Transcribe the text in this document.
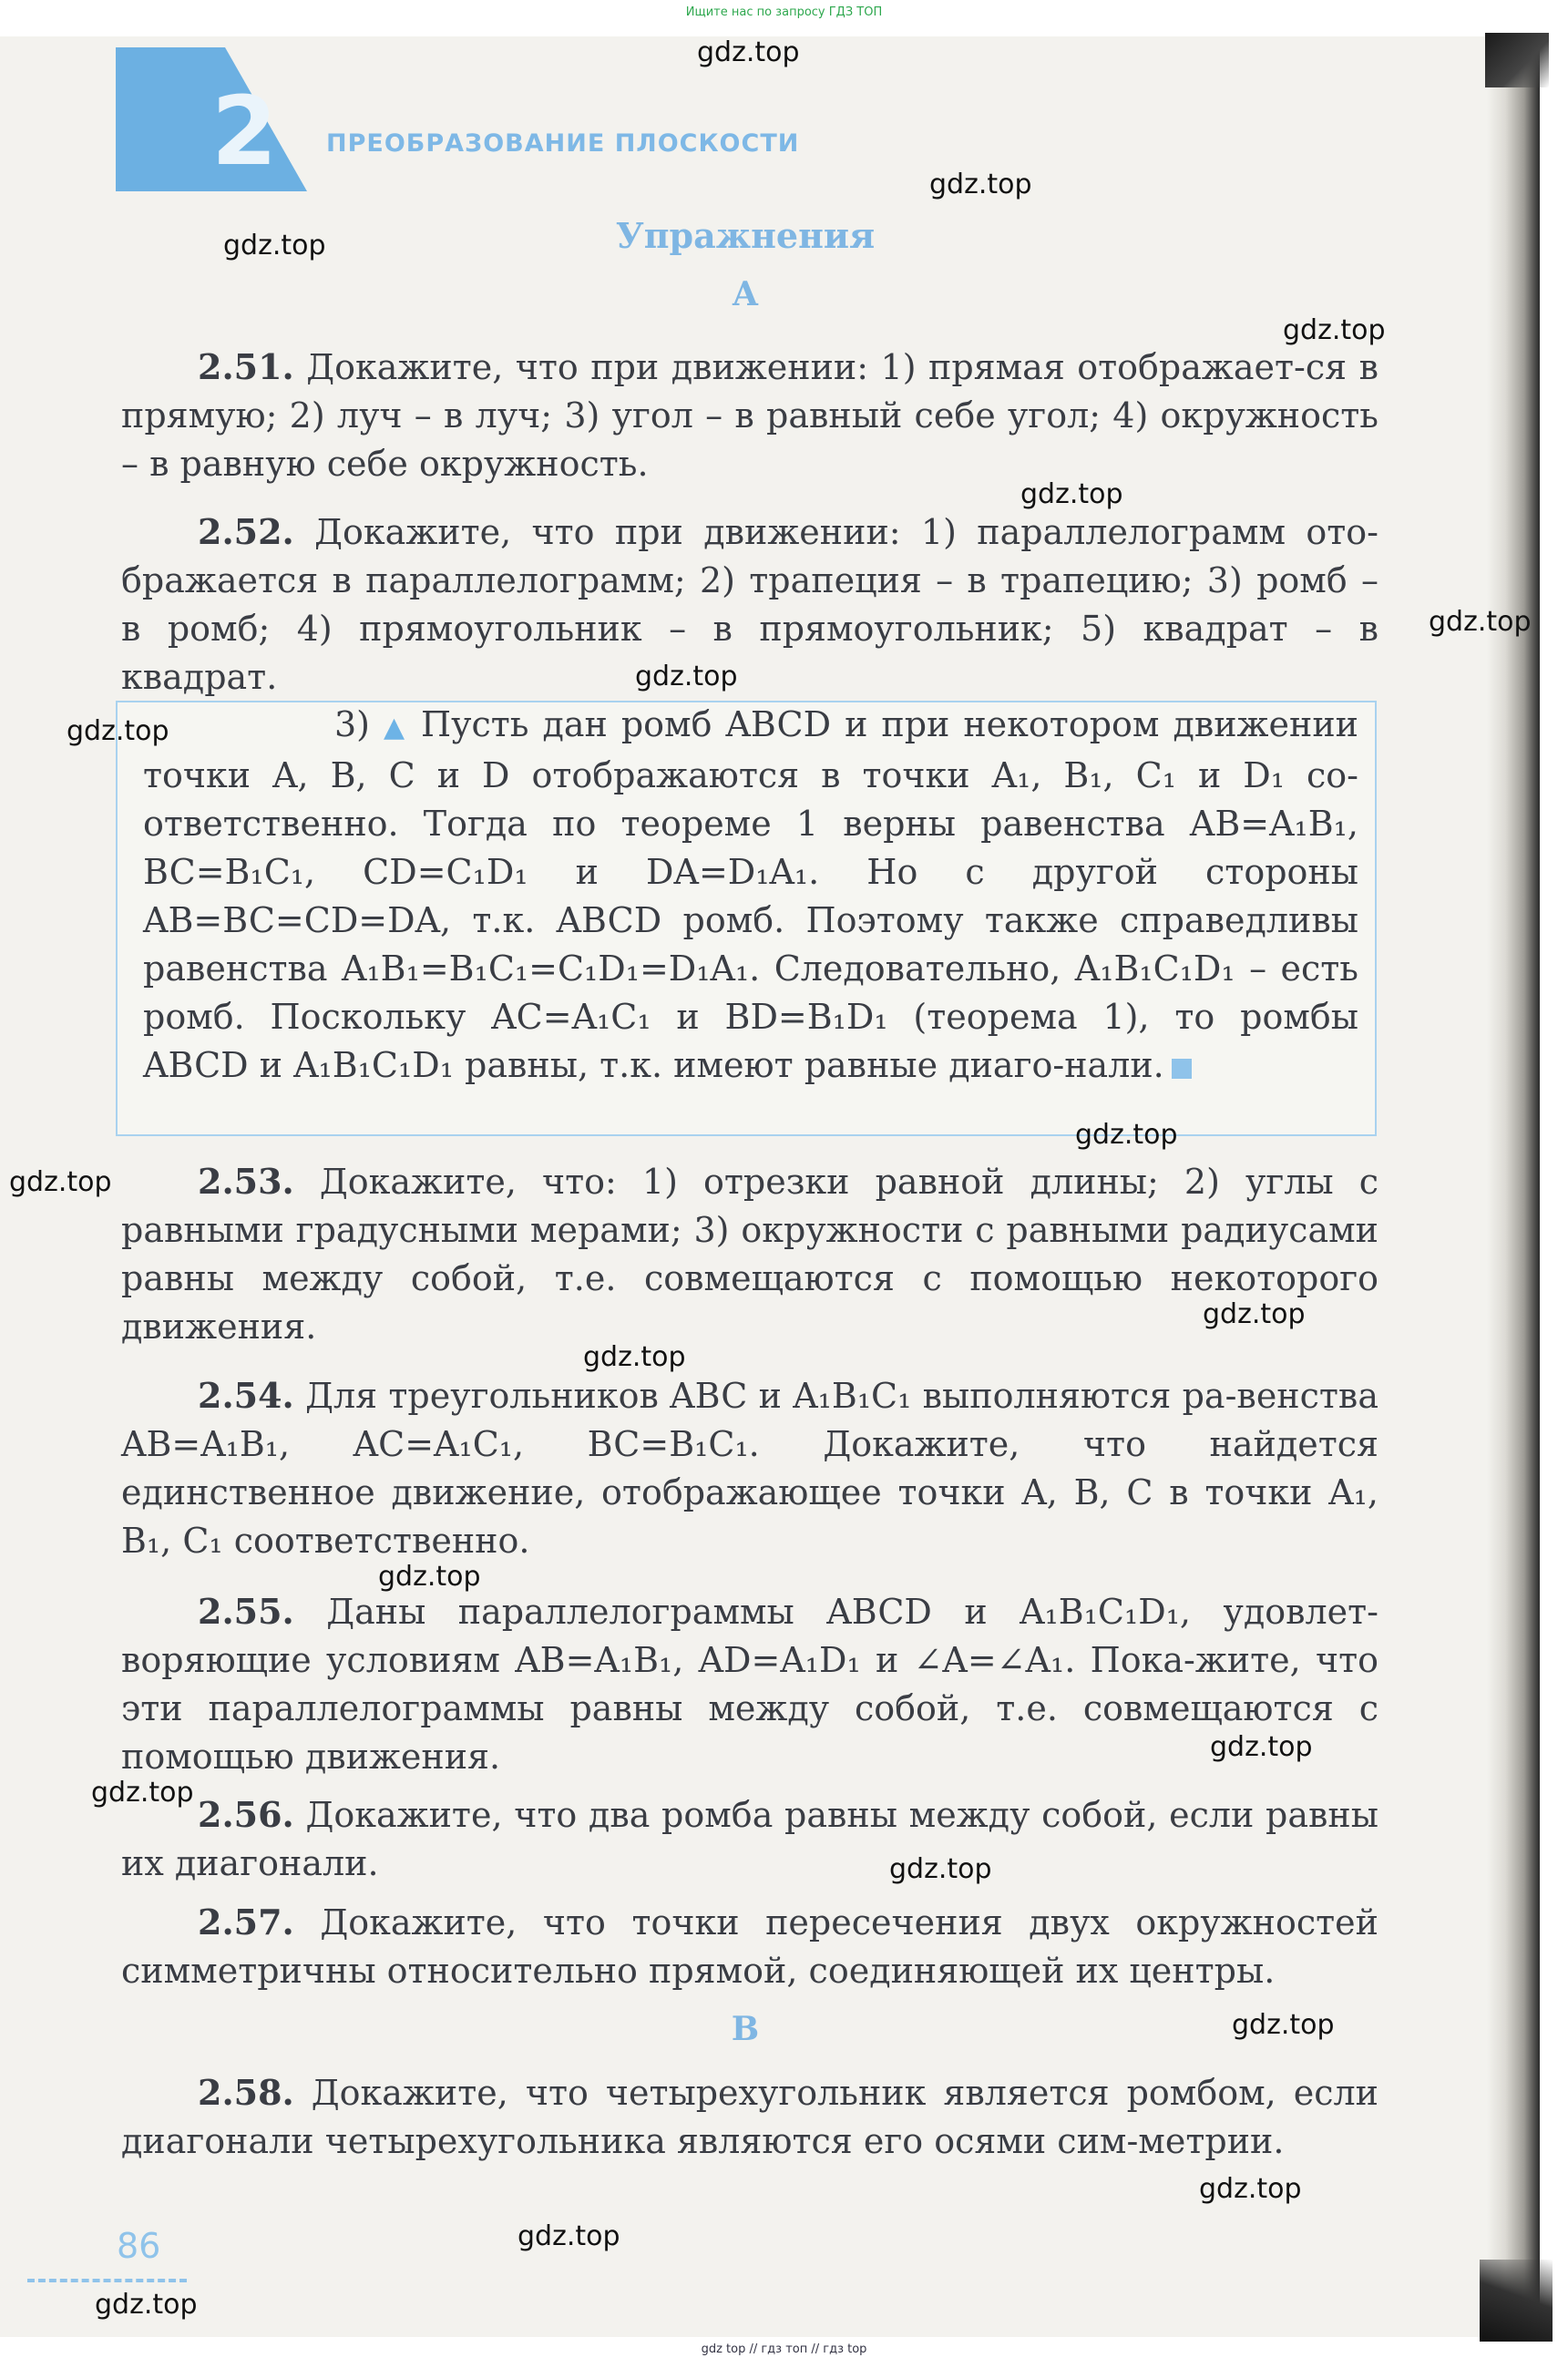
Ищите нас по запросу ГДЗ ТОП
2 ПРЕОБРАЗОВАНИЕ ПЛОСКОСТИ
Упражнения
А
2.51. Докажите, что при движении: 1) прямая отображает-ся в прямую; 2) луч – в луч; 3) угол – в равный себе угол; 4) окружность – в равную себе окружность.
2.52. Докажите, что при движении: 1) параллелограмм ото-бражается в параллелограмм; 2) трапеция – в трапецию; 3) ромб – в ромб; 4) прямоугольник – в прямоугольник; 5) квадрат – в квадрат.
3) ▲ Пусть дан ромб ABCD и при некотором движении точки A, B, C и D отображаются в точки A₁, B₁, C₁ и D₁ со-ответственно. Тогда по теореме 1 верны равенства AB=A₁B₁, BC=B₁C₁, CD=C₁D₁ и DA=D₁A₁. Но с другой стороны AB=BC=CD=DA, т.к. ABCD ромб. Поэтому также справедливы равенства A₁B₁=B₁C₁=C₁D₁=D₁A₁. Следовательно, A₁B₁C₁D₁ – есть ромб. Поскольку AC=A₁C₁ и BD=B₁D₁ (теорема 1), то ромбы ABCD и A₁B₁C₁D₁ равны, т.к. имеют равные диаго-нали.
2.53. Докажите, что: 1) отрезки равной длины; 2) углы с равными градусными мерами; 3) окружности с равными радиусами равны между собой, т.е. совмещаются с помощью некоторого движения.
2.54. Для треугольников ABC и A₁B₁C₁ выполняются ра-венства AB=A₁B₁, AC=A₁C₁, BC=B₁C₁. Докажите, что найдется единственное движение, отображающее точки A, B, C в точки A₁, B₁, C₁ соответственно.
2.55. Даны параллелограммы ABCD и A₁B₁C₁D₁, удовлет-воряющие условиям AB=A₁B₁, AD=A₁D₁ и ∠A=∠A₁. Пока-жите, что эти параллелограммы равны между собой, т.е. совмещаются с помощью движения.
2.56. Докажите, что два ромба равны между собой, если равны их диагонали.
2.57. Докажите, что точки пересечения двух окружностей симметричны относительно прямой, соединяющей их центры.
В
2.58. Докажите, что четырехугольник является ромбом, если диагонали четырехугольника являются его осями сим-метрии.
86
gdz top // гдз топ // гдз top
gdz.top
gdz.top
gdz.top
gdz.top
gdz.top
gdz.top
gdz.top
gdz.top
gdz.top
gdz.top
gdz.top
gdz.top
gdz.top
gdz.top
gdz.top
gdz.top
gdz.top
gdz.top
gdz.top
gdz.top
